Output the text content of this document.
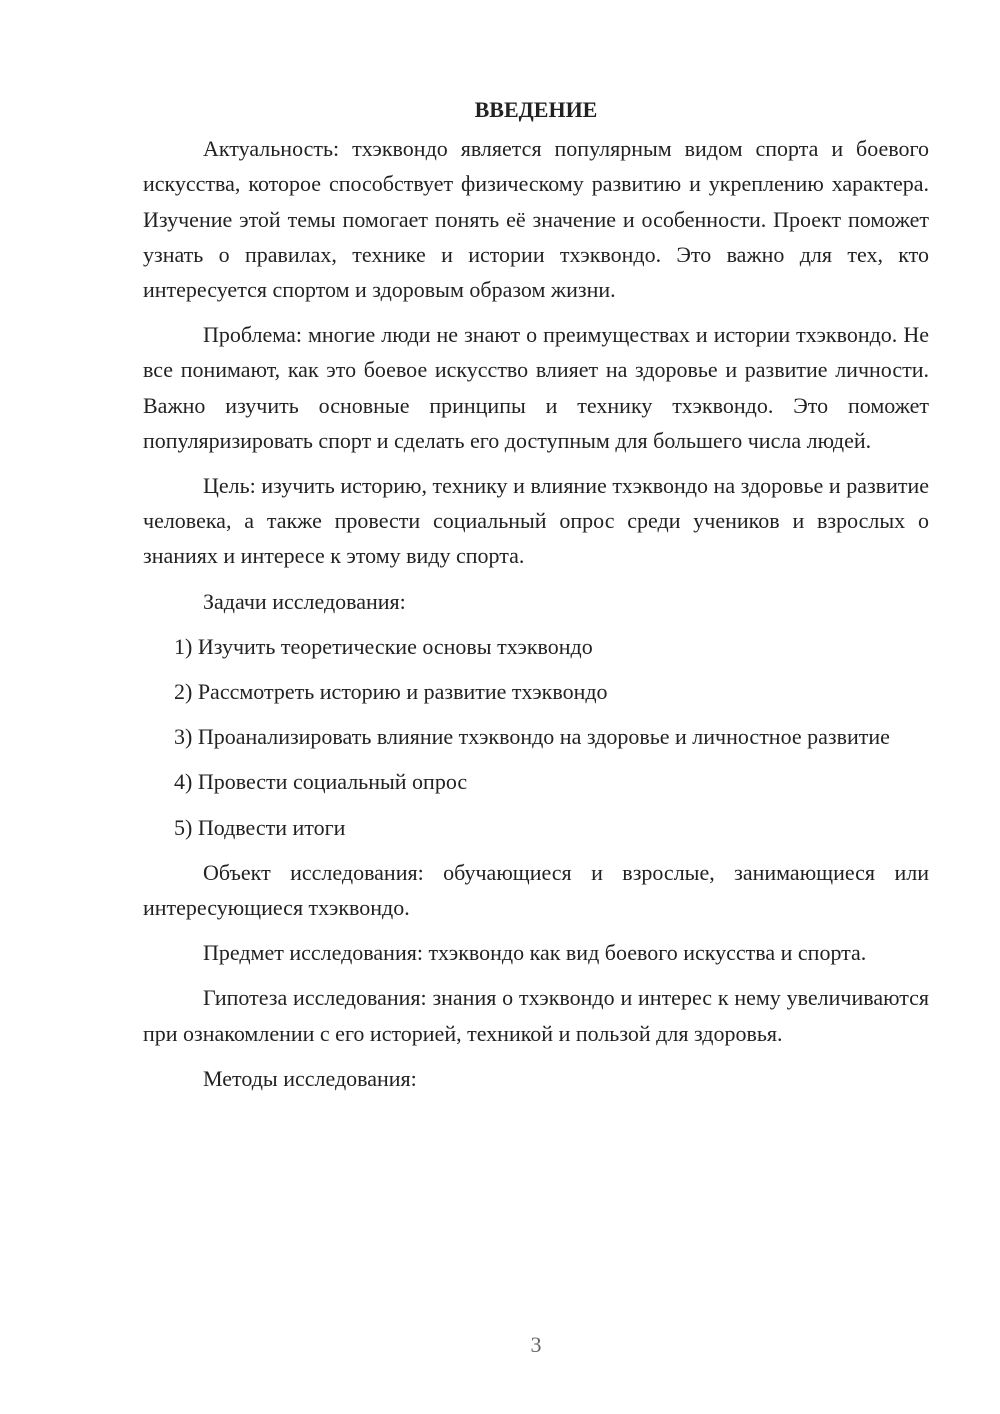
ВВЕДЕНИЕ

Актуальность: тхэквондо является популярным видом спорта и боевого искусства, которое способствует физическому развитию и укреплению характера. Изучение этой темы помогает понять её значение и особенности. Проект поможет узнать о правилах, технике и истории тхэквондо. Это важно для тех, кто интересуется спортом и здоровым образом жизни.

Проблема: многие люди не знают о преимуществах и истории тхэквондо. Не все понимают, как это боевое искусство влияет на здоровье и развитие личности. Важно изучить основные принципы и технику тхэквондо. Это поможет популяризировать спорт и сделать его доступным для большего числа людей.

Цель: изучить историю, технику и влияние тхэквондо на здоровье и развитие человека, а также провести социальный опрос среди учеников и взрослых о знаниях и интересе к этому виду спорта.

Задачи исследования:

1) Изучить теоретические основы тхэквондо

2) Рассмотреть историю и развитие тхэквондо

3) Проанализировать влияние тхэквондо на здоровье и личностное развитие

4) Провести социальный опрос

5) Подвести итоги

Объект исследования: обучающиеся и взрослые, занимающиеся или интересующиеся тхэквондо.

Предмет исследования: тхэквондо как вид боевого искусства и спорта.

Гипотеза исследования: знания о тхэквондо и интерес к нему увеличиваются при ознакомлении с его историей, техникой и пользой для здоровья.

Методы исследования:

3
